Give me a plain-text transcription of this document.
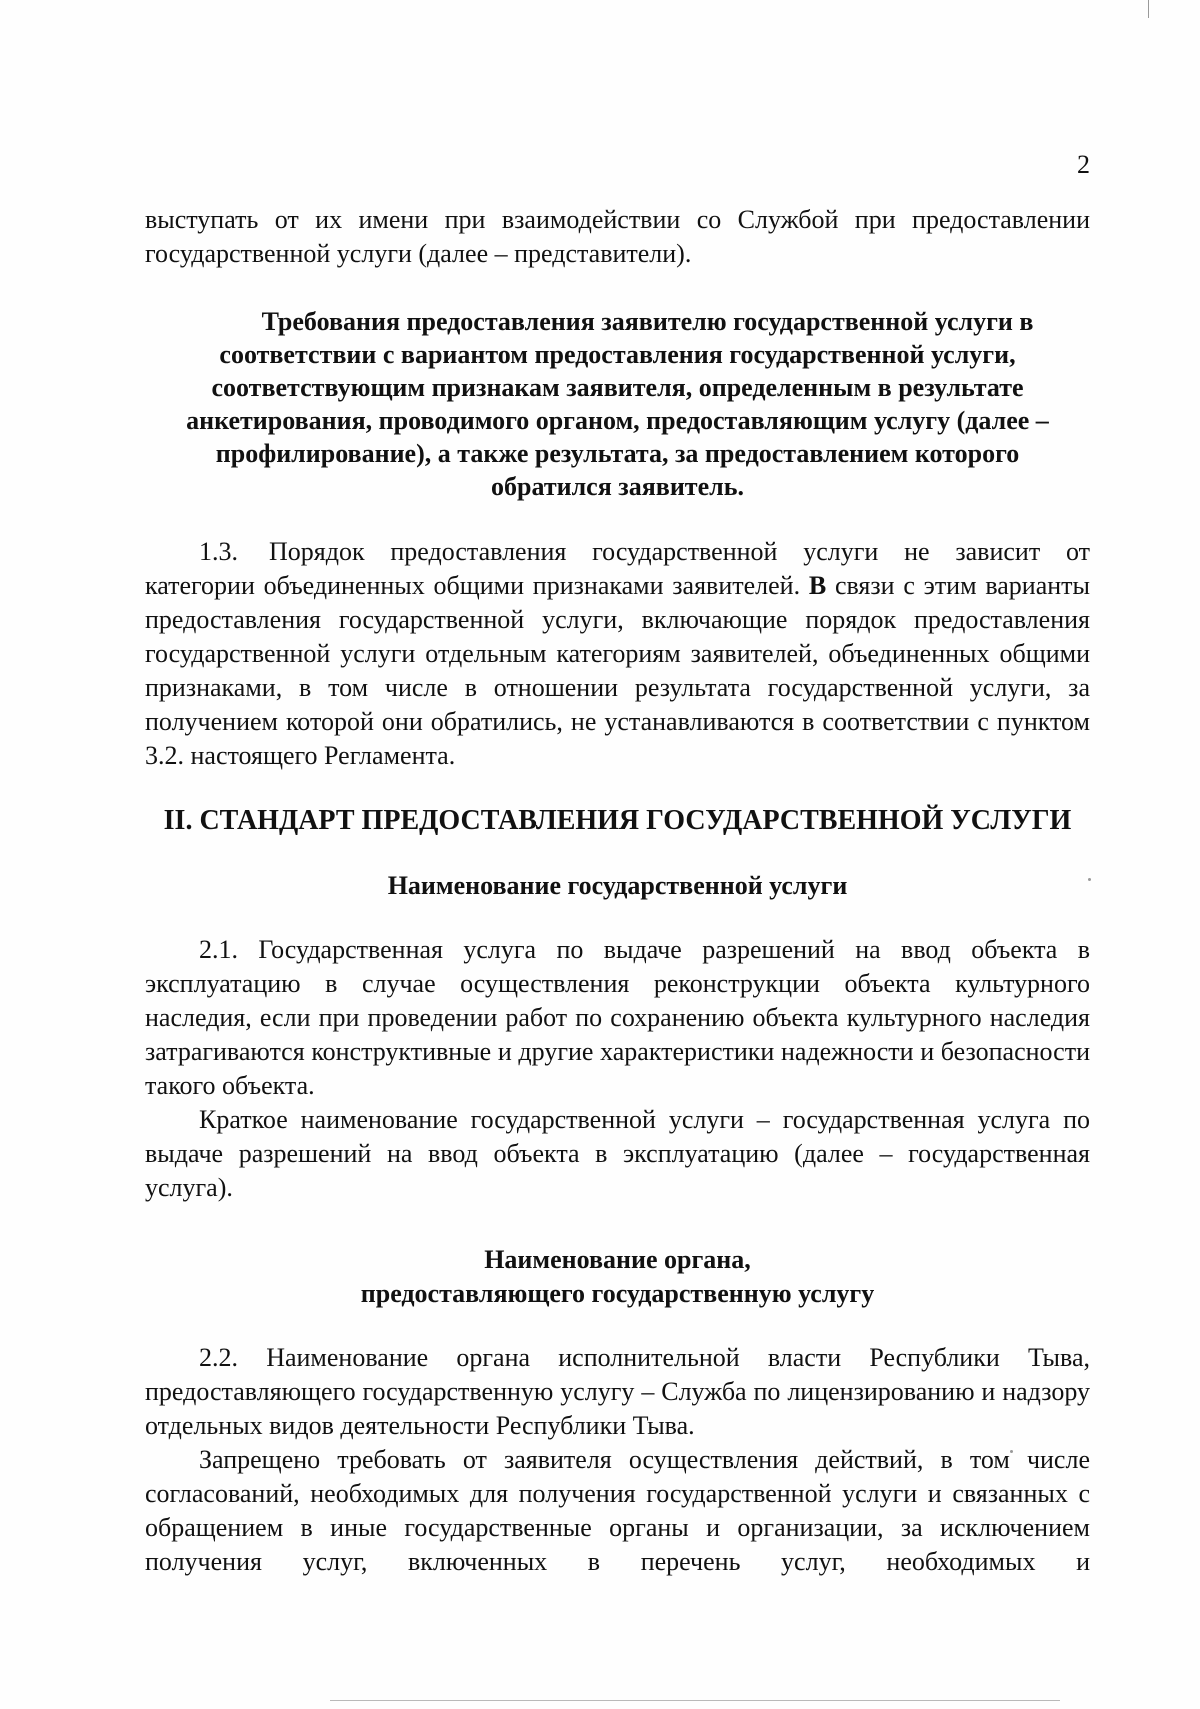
2

выступать от их имени при взаимодействии со Службой при предоставлении государственной услуги (далее – представители).

Требования предоставления заявителю государственной услуги в
соответствии с вариантом предоставления государственной услуги,
соответствующим признакам заявителя, определенным в результате
анкетирования, проводимого органом, предоставляющим услугу (далее –
профилирование), а также результата, за предоставлением которого
обратился заявитель.

1.3. Порядок предоставления государственной услуги не зависит от категории объединенных общими признаками заявителей. В связи с этим варианты предоставления государственной услуги, включающие порядок предоставления государственной услуги отдельным категориям заявителей, объединенных общими признаками, в том числе в отношении результата государственной услуги, за получением которой они обратились, не устанавливаются в соответствии с пунктом 3.2. настоящего Регламента.

II. СТАНДАРТ ПРЕДОСТАВЛЕНИЯ ГОСУДАРСТВЕННОЙ УСЛУГИ
Наименование государственной услуги

2.1. Государственная услуга по выдаче разрешений на ввод объекта в эксплуатацию в случае осуществления реконструкции объекта культурного наследия, если при проведении работ по сохранению объекта культурного наследия затрагиваются конструктивные и другие характеристики надежности и безопасности такого объекта.

Краткое наименование государственной услуги – государственная услуга по выдаче разрешений на ввод объекта в эксплуатацию (далее – государственная услуга).

Наименование органа,
предоставляющего государственную услугу

2.2. Наименование органа исполнительной власти Республики Тыва, предоставляющего государственную услугу – Служба по лицензированию и надзору отдельных видов деятельности Республики Тыва.

Запрещено требовать от заявителя осуществления действий, в том числе согласований, необходимых для получения государственной услуги и связанных с обращением в иные государственные органы и организации, за исключением получения услуг, включенных в перечень услуг, необходимых и
